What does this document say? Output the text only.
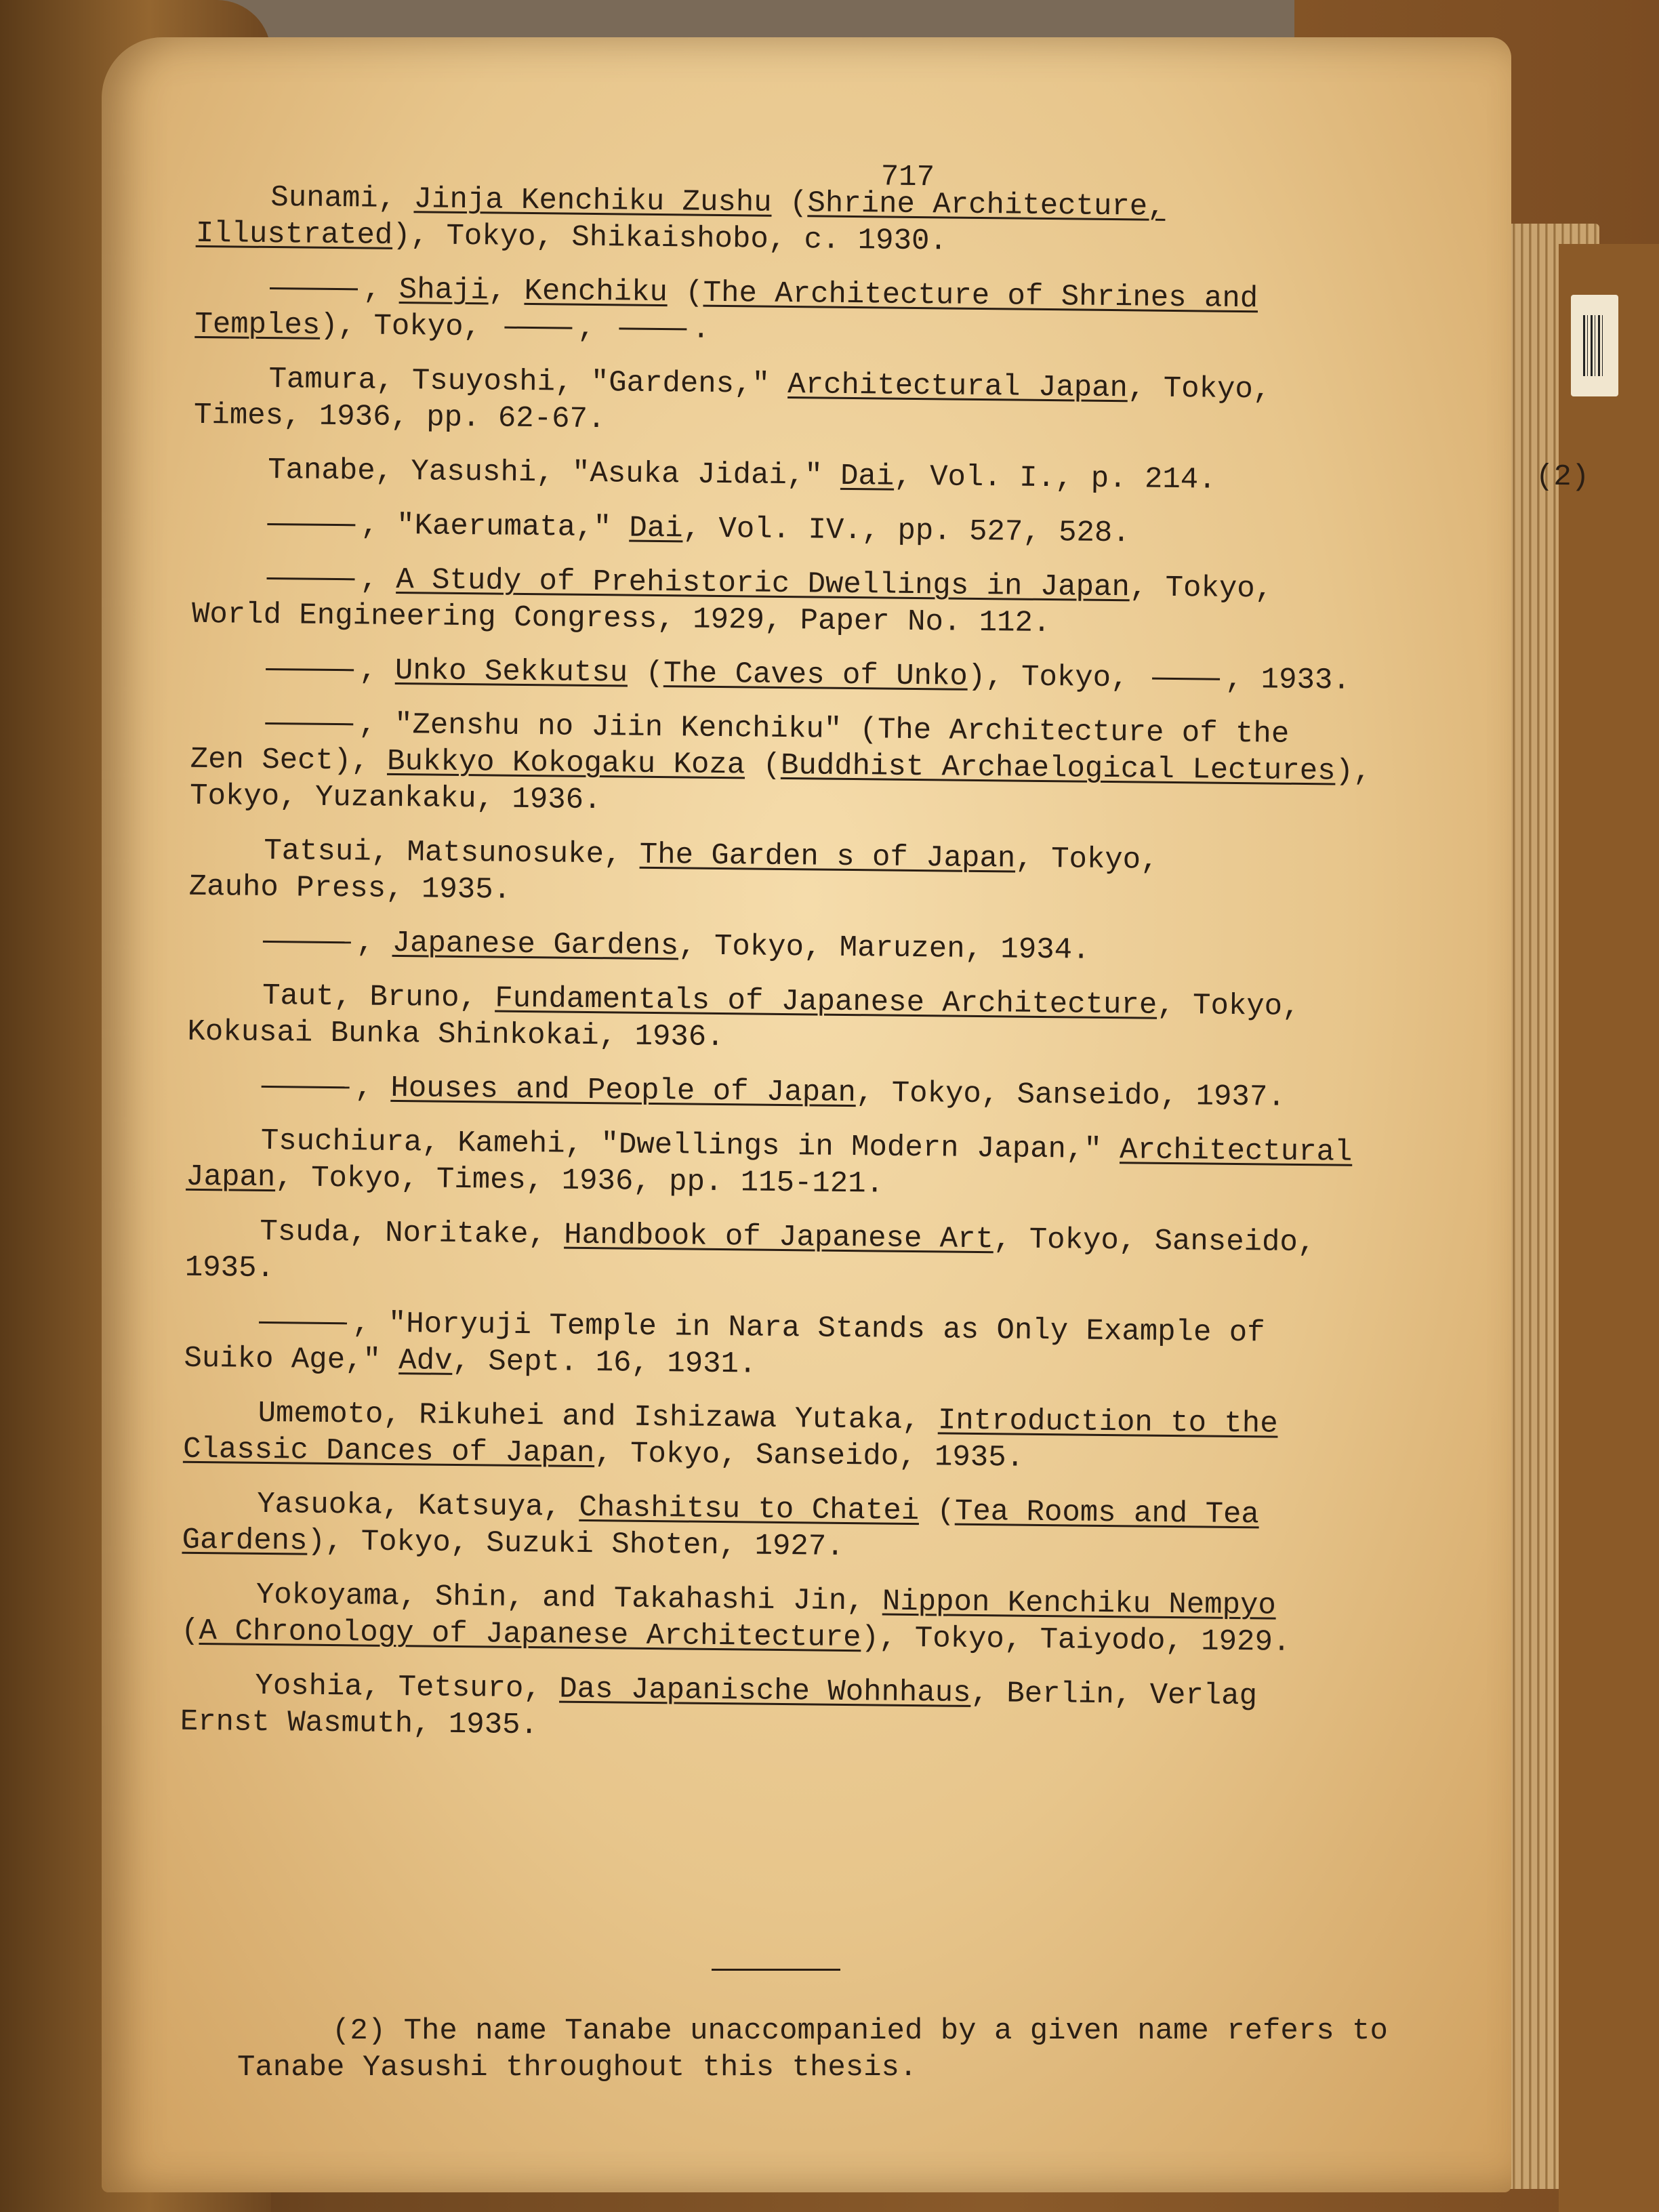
717
Sunami, Jinja Kenchiku Zushu (Shrine Architecture,
Illustrated), Tokyo, Shikaishobo, c. 1930.
, Shaji, Kenchiku (The Architecture of Shrines and
Temples), Tokyo,	,	.
Tamura, Tsuyoshi, "Gardens," Architectural Japan, Tokyo,
Times, 1936, pp. 62-67.
Tanabe, Yasushi, "Asuka Jidai," Dai, Vol. I., p. 214.	(2)
, "Kaerumata," Dai, Vol. IV., pp. 527, 528.
, A Study of Prehistoric Dwellings in Japan, Tokyo,
World Engineering Congress, 1929, Paper No. 112.
, Unko Sekkutsu (The Caves of Unko), Tokyo,	, 1933.
, "Zenshu no Jiin Kenchiku" (The Architecture of the
Zen Sect), Bukkyo Kokogaku Koza (Buddhist Archaelogical Lectures),
Tokyo, Yuzankaku, 1936.
Tatsui, Matsunosuke, The Garden s of Japan, Tokyo,
Zauho Press, 1935.
, Japanese Gardens, Tokyo, Maruzen, 1934.
Taut, Bruno, Fundamentals of Japanese Architecture, Tokyo,
Kokusai Bunka Shinkokai, 1936.
, Houses and People of Japan, Tokyo, Sanseido, 1937.
Tsuchiura, Kamehi, "Dwellings in Modern Japan," Architectural
Japan, Tokyo, Times, 1936, pp. 115-121.
Tsuda, Noritake, Handbook of Japanese Art, Tokyo, Sanseido,
1935.
, "Horyuji Temple in Nara Stands as Only Example of
Suiko Age," Adv, Sept. 16, 1931.
Umemoto, Rikuhei and Ishizawa Yutaka, Introduction to the
Classic Dances of Japan, Tokyo, Sanseido, 1935.
Yasuoka, Katsuya, Chashitsu to Chatei (Tea Rooms and Tea
Gardens), Tokyo, Suzuki Shoten, 1927.
Yokoyama, Shin, and Takahashi Jin, Nippon Kenchiku Nempyo
(A Chronology of Japanese Architecture), Tokyo, Taiyodo, 1929.
Yoshia, Tetsuro, Das Japanische Wohnhaus, Berlin, Verlag
Ernst Wasmuth, 1935.
(2) The name Tanabe unaccompanied by a given name refers to
Tanabe Yasushi throughout this thesis.
